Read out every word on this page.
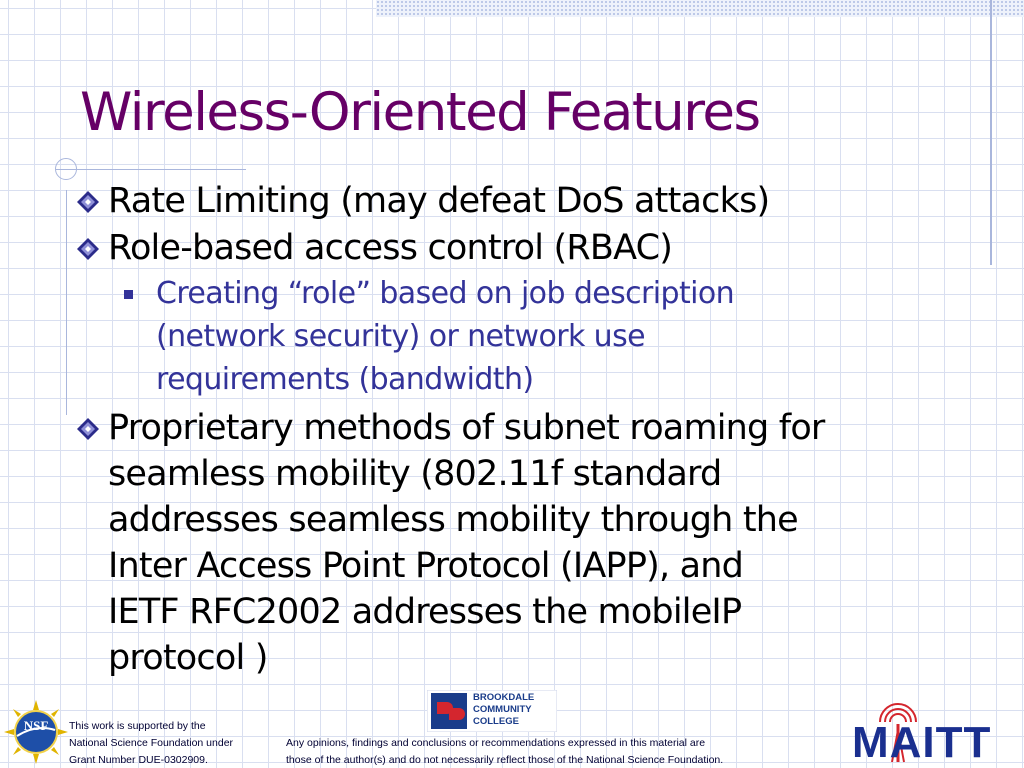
Wireless-Oriented Features
Rate Limiting (may defeat DoS attacks)
Role-based access control (RBAC)
Creating “role” based on job description
(network security) or network use
requirements (bandwidth)
Proprietary methods of subnet roaming for
seamless mobility (802.11f standard
addresses seamless mobility through the
Inter Access Point Protocol (IAPP), and
IETF RFC2002 addresses the mobileIP
protocol )
NSF This work is supported by the
National Science Foundation under
Grant Number DUE-0302909.
Any opinions, findings and conclusions or recommendations expressed in this material are
those of the author(s) and do not necessarily reflect those of the National Science Foundation.
BROOKDALE
COMMUNITY
COLLEGE	MAITT
